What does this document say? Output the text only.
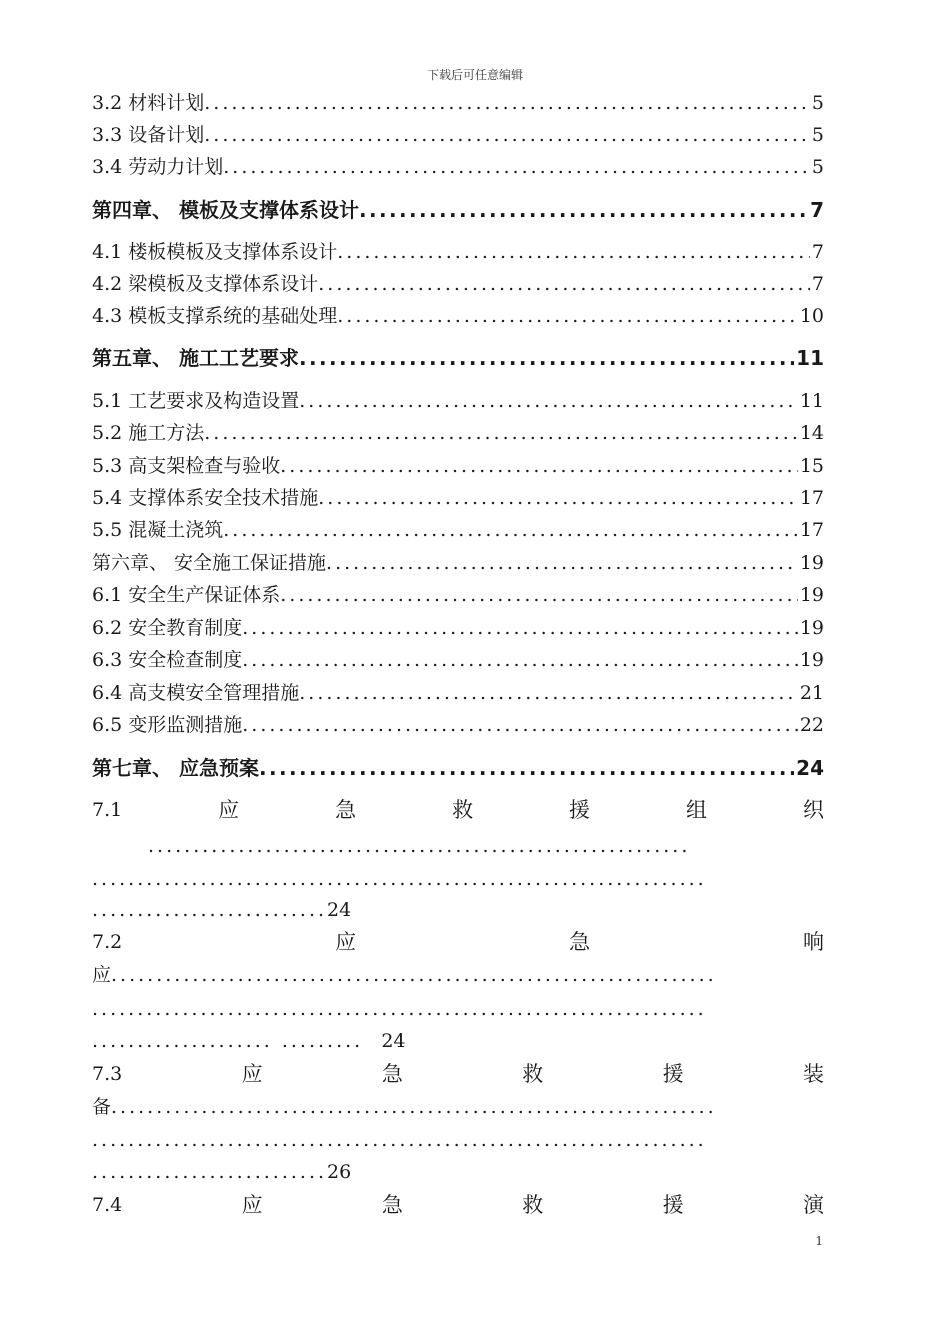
下载后可任意编辑
3.2 材料计划 .....	5
3.3 设备计划 .....	5
3.4 劳动力计划 .....	5
第四章、 模板及支撑体系设计 .....	7
4.1 楼板模板及支撑体系设计 .....	7
4.2 梁模板及支撑体系设计 .....	7
4.3 模板支撑系统的基础处理 .....	10
第五章、 施工工艺要求 .....	11
5.1 工艺要求及构造设置 .....	11
5.2 施工方法 .....	14
5.3 高支架检查与验收 .....	15
5.4 支撑体系安全技术措施 .....	17
5.5 混凝土浇筑 .....	17
第六章、 安全施工保证措施 .....	19
6.1 安全生产保证体系 .....	19
6.2 安全教育制度 .....	19
6.3 安全检查制度 .....	19
6.4 高支模安全管理措施 .....	21
6.5 变形监测措施 .....	22
第七章、 应急预案 .....	24
7.1	应	急	救	援	组	织
............................................................
....................................................................
..........................24
7.2	应	急	响
应...................................................................
....................................................................
.................... ......... 24
7.3	应	急	救	援	装
备...................................................................
....................................................................
..........................26
7.4	应	急	救	援	演
1
